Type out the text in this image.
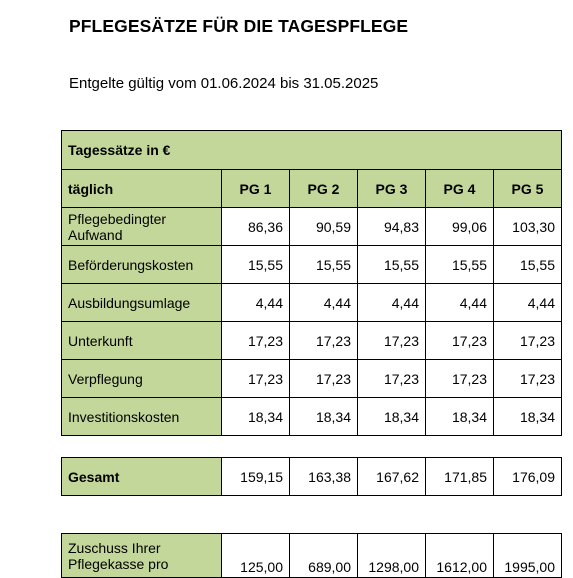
PFLEGESÄTZE FÜR DIE TAGESPFLEGE
Entgelte gültig vom 01.06.2024 bis 31.05.2025
Tagessätze in €					
täglich	PG 1	PG 2	PG 3	PG 4	PG 5
Pflegebedingter Aufwand	86,36	90,59	94,83	99,06	103,30
Beförderungskosten	15,55	15,55	15,55	15,55	15,55
Ausbildungsumlage	4,44	4,44	4,44	4,44	4,44
Unterkunft	17,23	17,23	17,23	17,23	17,23
Verpflegung	17,23	17,23	17,23	17,23	17,23
Investitionskosten	18,34	18,34	18,34	18,34	18,34
Gesamt	159,15	163,38	167,62	171,85	176,09
Zuschuss Ihrer Pflegekasse pro	125,00	689,00	1298,00	1612,00	1995,00
